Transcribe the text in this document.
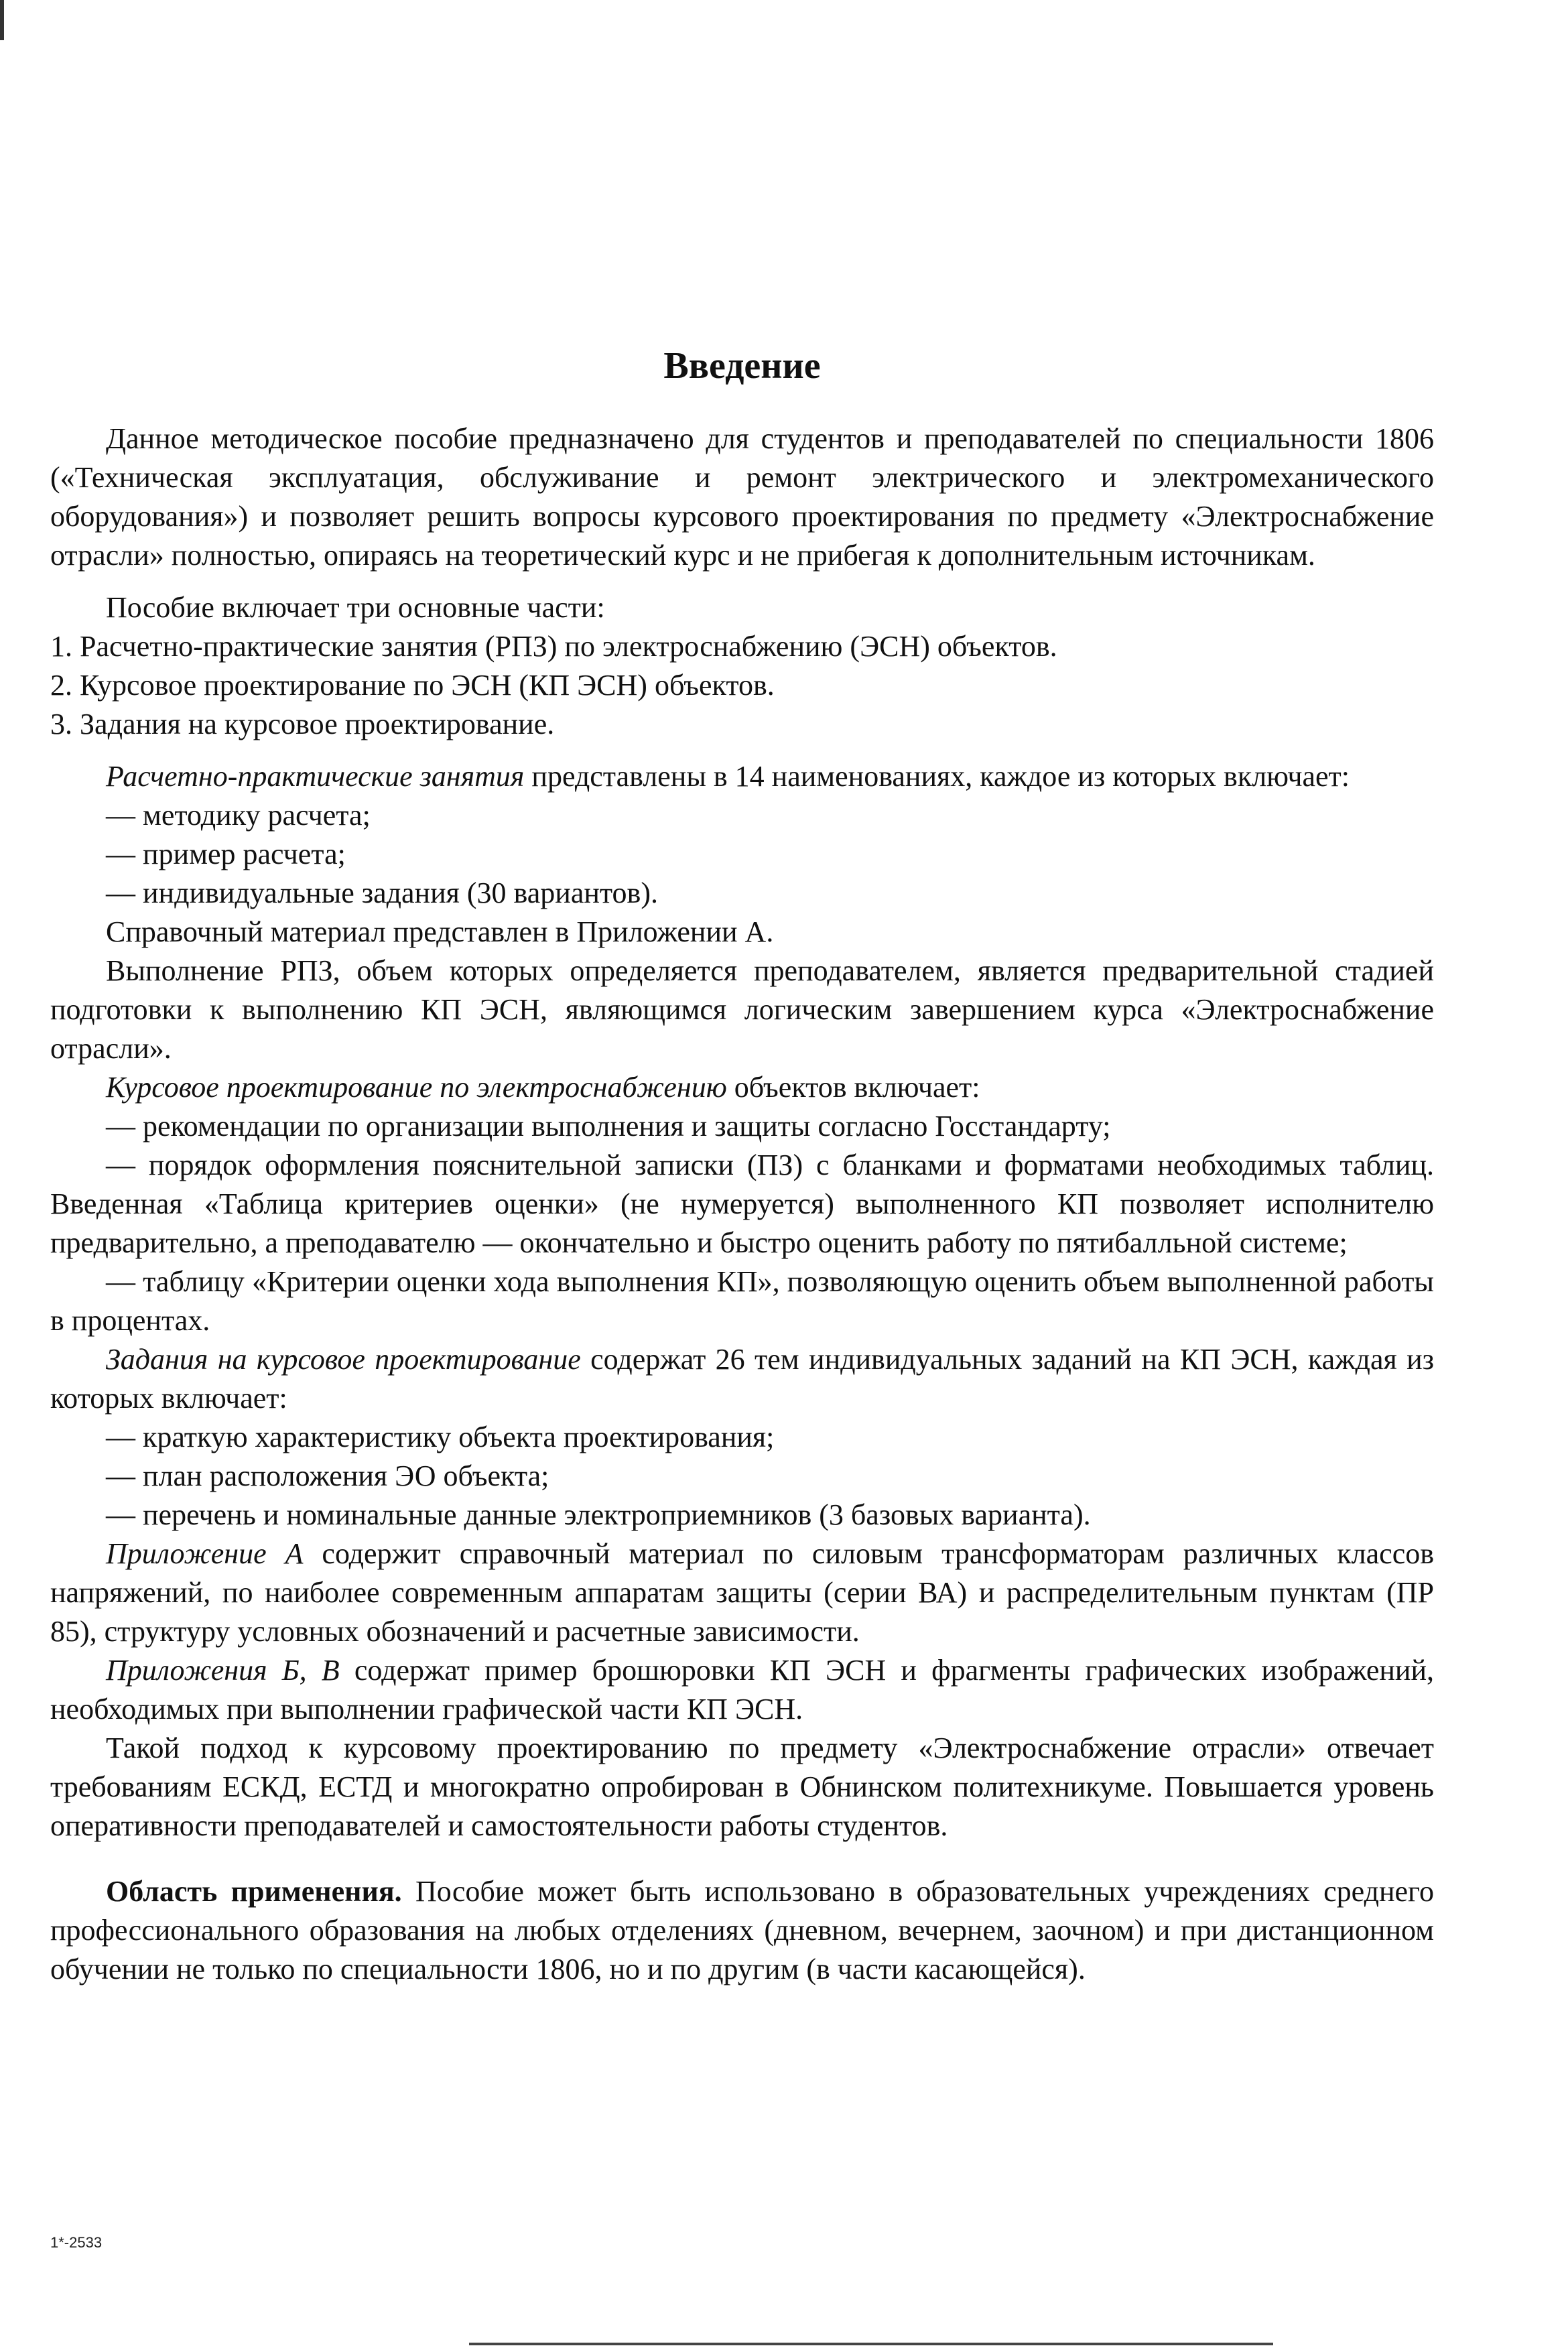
Введение

Данное методическое пособие предназначено для студентов и преподавателей по специальности 1806 («Техническая эксплуатация, обслуживание и ремонт электрического и электромеханического оборудования») и позволяет решить вопросы курсового проектирования по предмету «Электроснабжение отрасли» полностью, опираясь на теоретический курс и не прибегая к дополнительным источникам.

Пособие включает три основные части:

1. Расчетно-практические занятия (РПЗ) по электроснабжению (ЭСН) объектов.

2. Курсовое проектирование по ЭСН (КП ЭСН) объектов.

3. Задания на курсовое проектирование.

Расчетно-практические занятия представлены в 14 наименованиях, каждое из которых включает:

— методику расчета;

— пример расчета;

— индивидуальные задания (30 вариантов).

Справочный материал представлен в Приложении А.

Выполнение РПЗ, объем которых определяется преподавателем, является предварительной стадией подготовки к выполнению КП ЭСН, являющимся логическим завершением курса «Электроснабжение отрасли».

Курсовое проектирование по электроснабжению объектов включает:

— рекомендации по организации выполнения и защиты согласно Госстандарту;

— порядок оформления пояснительной записки (ПЗ) с бланками и форматами необходимых таблиц. Введенная «Таблица критериев оценки» (не нумеруется) выполненного КП позволяет исполнителю предварительно, а преподавателю — окончательно и быстро оценить работу по пятибалльной системе;

— таблицу «Критерии оценки хода выполнения КП», позволяющую оценить объем выполненной работы в процентах.

Задания на курсовое проектирование содержат 26 тем индивидуальных заданий на КП ЭСН, каждая из которых включает:

— краткую характеристику объекта проектирования;

— план расположения ЭО объекта;

— перечень и номинальные данные электроприемников (3 базовых варианта).

Приложение А содержит справочный материал по силовым трансформаторам различных классов напряжений, по наиболее современным аппаратам защиты (серии ВА) и распределительным пунктам (ПР 85), структуру условных обозначений и расчетные зависимости.

Приложения Б, В содержат пример брошюровки КП ЭСН и фрагменты графических изображений, необходимых при выполнении графической части КП ЭСН.

Такой подход к курсовому проектированию по предмету «Электроснабжение отрасли» отвечает требованиям ЕСКД, ЕСТД и многократно опробирован в Обнинском политехникуме. Повышается уровень оперативности преподавателей и самостоятельности работы студентов.

Область применения. Пособие может быть использовано в образовательных учреждениях среднего профессионального образования на любых отделениях (дневном, вечернем, заочном) и при дистанционном обучении не только по специальности 1806, но и по другим (в части касающейся).

1*-2533
